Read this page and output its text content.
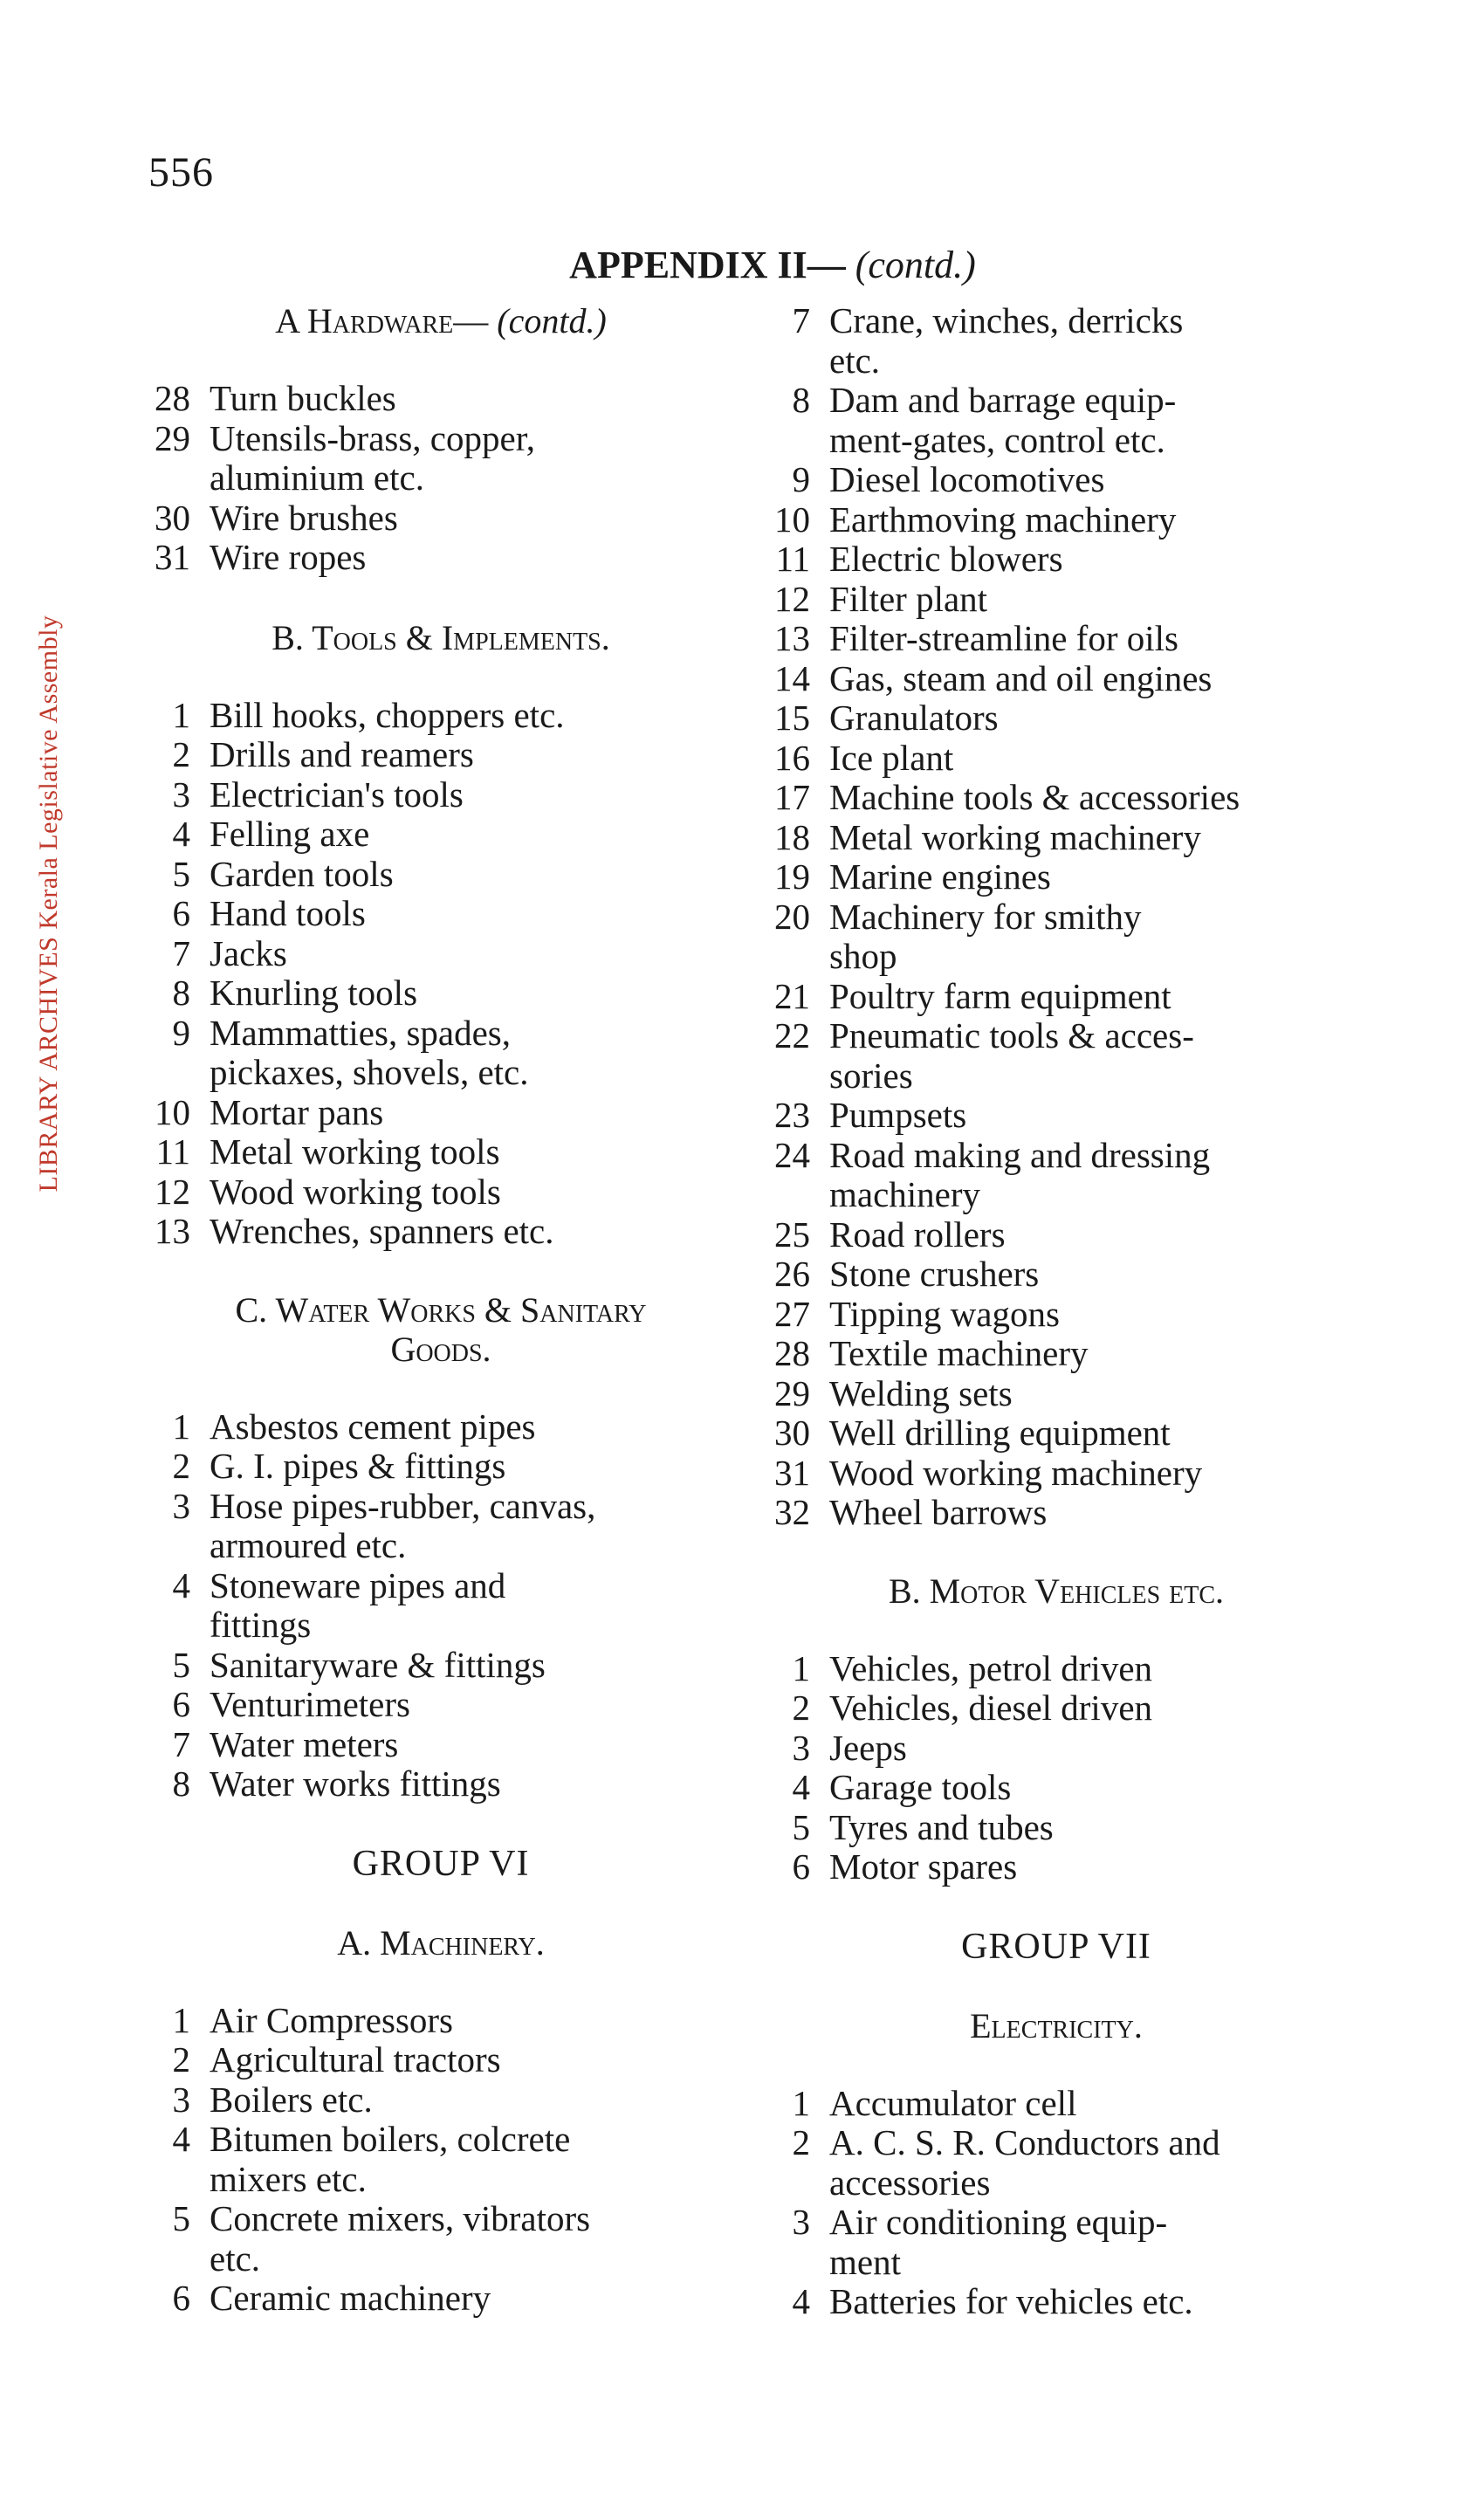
LIBRARY ARCHIVES Kerala Legislative Assembly
556
APPENDIX II— (contd.)
A Hardware— (contd.)
28 Turn buckles
29 Utensils-brass, copper,
aluminium etc.
30 Wire brushes
31 Wire ropes
B. Tools & Implements.
1 Bill hooks, choppers etc.
2 Drills and reamers
3 Electrician's tools
4 Felling axe
5 Garden tools
6 Hand tools
7 Jacks
8 Knurling tools
9 Mammatties, spades,
pickaxes, shovels, etc.
10 Mortar pans
11 Metal working tools
12 Wood working tools
13 Wrenches, spanners etc.
C. Water Works & Sanitary
Goods.
1 Asbestos cement pipes
2 G. I. pipes & fittings
3 Hose pipes-rubber, canvas,
armoured etc.
4 Stoneware pipes and
fittings
5 Sanitaryware & fittings
6 Venturimeters
7 Water meters
8 Water works fittings
GROUP VI
A. Machinery.
1 Air Compressors
2 Agricultural tractors
3 Boilers etc.
4 Bitumen boilers, colcrete
mixers etc.
5 Concrete mixers, vibrators
etc.
6 Ceramic machinery
7 Crane, winches, derricks
etc.
8 Dam and barrage equip-
ment-gates, control etc.
9 Diesel locomotives
10 Earthmoving machinery
11 Electric blowers
12 Filter plant
13 Filter-streamline for oils
14 Gas, steam and oil engines
15 Granulators
16 Ice plant
17 Machine tools & accessories
18 Metal working machinery
19 Marine engines
20 Machinery for smithy
shop
21 Poultry farm equipment
22 Pneumatic tools & acces-
sories
23 Pumpsets
24 Road making and dressing
machinery
25 Road rollers
26 Stone crushers
27 Tipping wagons
28 Textile machinery
29 Welding sets
30 Well drilling equipment
31 Wood working machinery
32 Wheel barrows
B. Motor Vehicles etc.
1 Vehicles, petrol driven
2 Vehicles, diesel driven
3 Jeeps
4 Garage tools
5 Tyres and tubes
6 Motor spares
GROUP VII
Electricity.
1 Accumulator cell
2 A. C. S. R. Conductors and
accessories
3 Air conditioning equip-
ment
4 Batteries for vehicles etc.
